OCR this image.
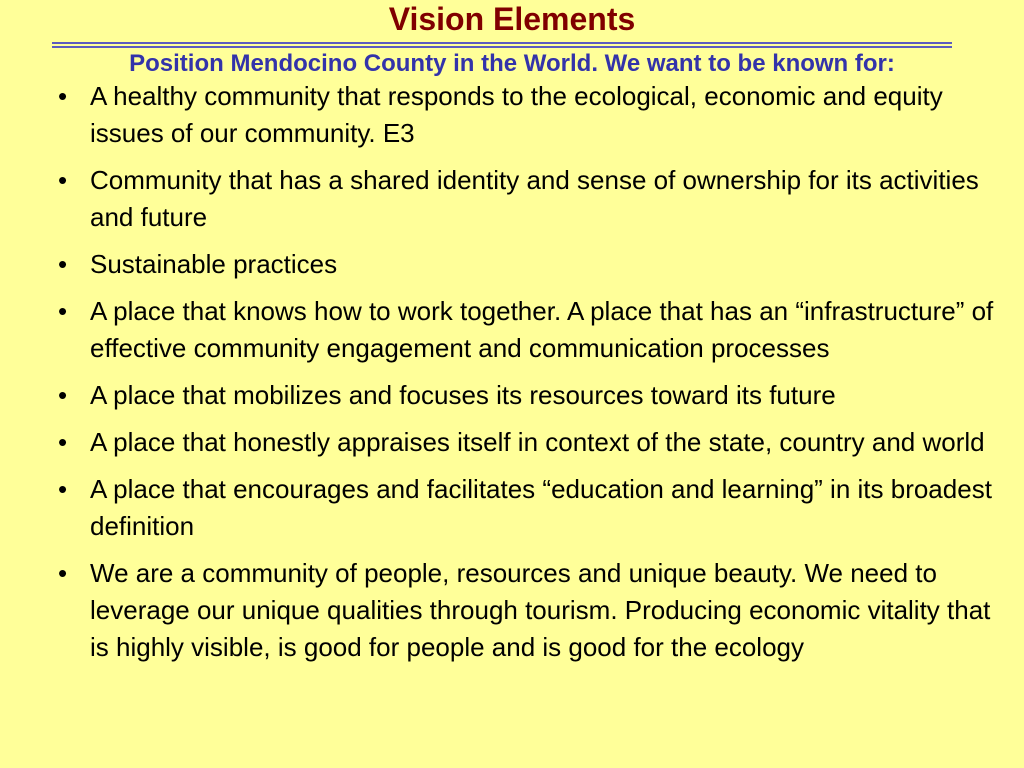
Vision Elements
Position Mendocino County in the World. We want to be known for:
• A healthy community that responds to the ecological, economic and equity issues of our community. E3
• Community that has a shared identity and sense of ownership for its activities and future
• Sustainable practices
• A place that knows how to work together. A place that has an “infrastructure” of effective community engagement and communication processes
• A place that mobilizes and focuses its resources toward its future
• A place that honestly appraises itself in context of the state, country and world
• A place that encourages and facilitates “education and learning” in its broadest definition
• We are a community of people, resources and unique beauty. We need to leverage our unique qualities through tourism. Producing economic vitality that is highly visible, is good for people and is good for the ecology
